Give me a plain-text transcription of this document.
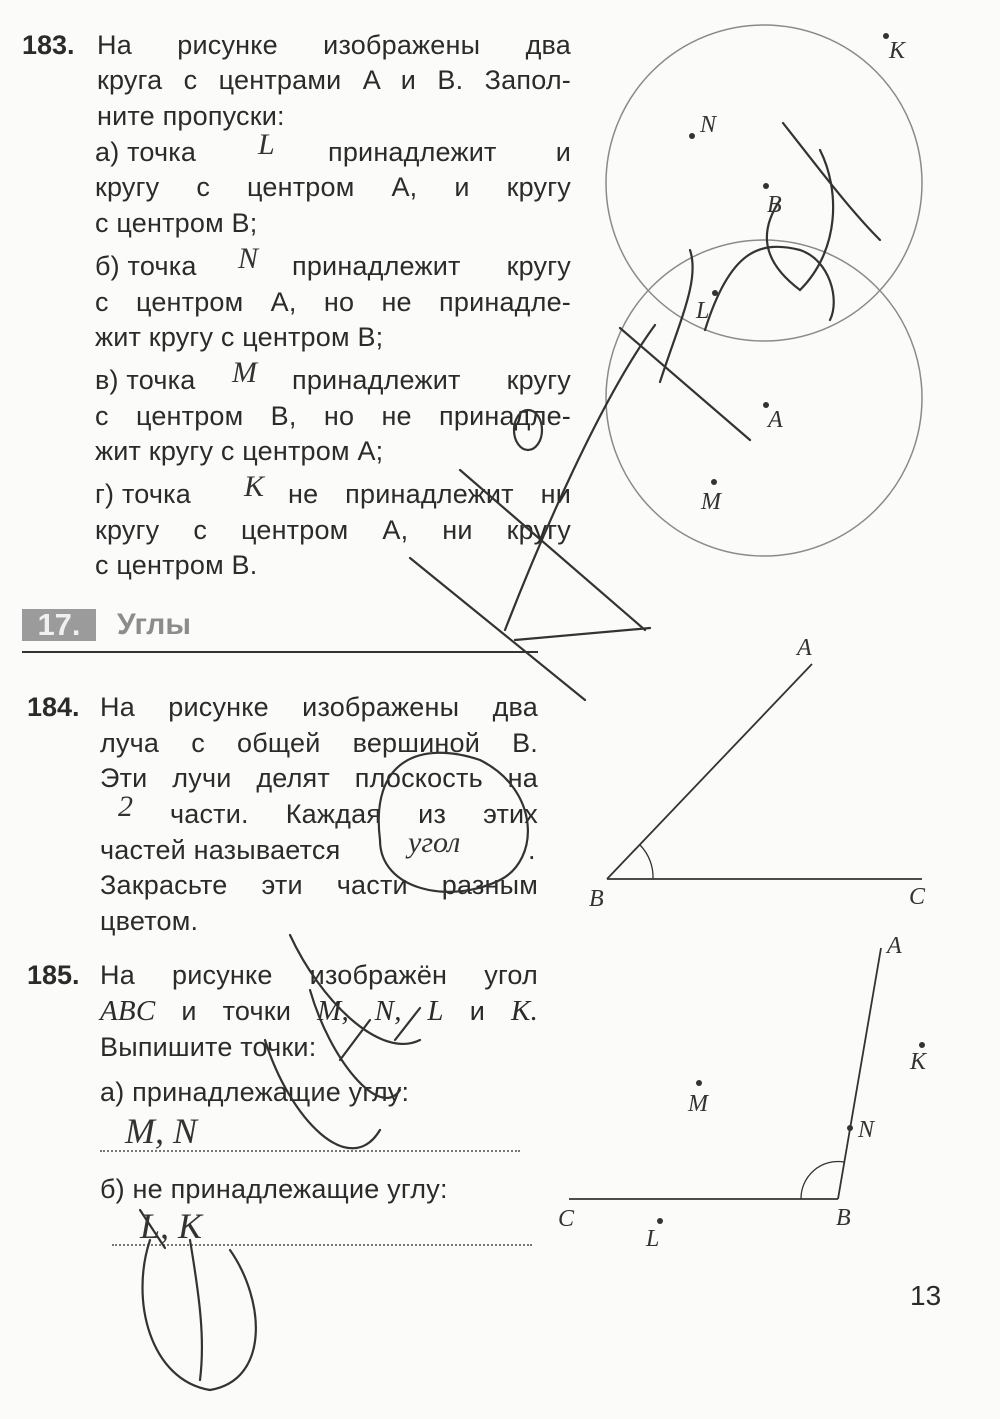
183. На рисунке изображены два
круга с центрами A и B. Запол-
ните пропуски:
а) точка L принадлежит и
кругу с центром A, и кругу
с центром B;
б) точка N принадлежит кругу
с центром A, но не принадле-
жит кругу с центром B;
в) точка M принадлежит кругу
с центром B, но не принадле-
жит кругу с центром A;
г) точка K не принадлежит ни
кругу с центром A, ни кругу
с центром B.
17.	Углы
184. На рисунке изображены два
луча с общей вершиной B.
Эти лучи делят плоскость на
2 части. Каждая из этих
частей называется угол	.
Закрасьте эти части разным
цветом.
185. На рисунке изображён угол
ABC и точки M, N, L и K.
Выпишите точки:
а) принадлежащие углу:
M, N
б) не принадлежащие углу:
L, K
13
K
N
B
L
A
M
A
B	C
A
K
M
N
C	B
L
